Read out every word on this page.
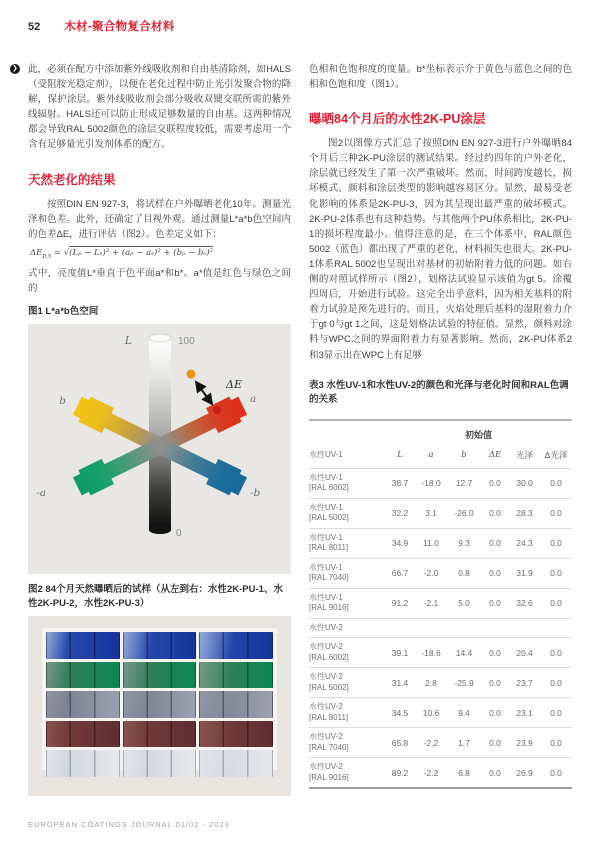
52 木材-聚合物复合材料

❯ 此，必须在配方中添加紫外线吸收剂和自由基清除剂，如HALS（受阻胺光稳定剂），以便在老化过程中防止光引发聚合物的降解，保护涂层。紫外线吸收剂会部分吸收双键交联所需的紫外线辐射。HALS还可以防止形成足够数量的自由基。这两种情况都会导致RAL 5002颜色的涂层交联程度较低，需要考虑用一个含有足够量光引发剂体系的配方。

天然老化的结果

按照DIN EN 927-3，将试样在户外曝晒老化10年。测量光泽和色差。此外，还确定了目视外观。通过测量L*a*b色空间内的色差ΔE，进行评估（图2）。色差定义如下：

$\Delta E_{p,s} = √(L_p - L_s)^2 + (a_p - a_s)^2 + (b_p - b_s)^2$

式中，亮度值L*垂直于色平面a*和b*。a*值是红色与绿色之间的

图1 L*a*b色空间
ΔE
L	100
0
b	a
-a	-b
图2 84个月天然曝晒后的试样（从左到右：水性2K-PU-1、水性2K-PU-2，水性2K-PU-3）

色相和色饱和度的度量。b*坐标表示介于黄色与蓝色之间的色相和色饱和度（图1）。

曝晒84个月后的水性2K-PU涂层

图2以图像方式汇总了按照DIN EN 927-3进行户外曝晒84个月后三种2K-PU涂层的测试结果。经过约四年的户外老化，涂层就已经发生了第一次严重破坏。然而，时间跨度越长，损坏模式、颜料和涂层类型的影响越容易区分。显然，最易受老化影响的体系是2K-PU-3，因为其呈现出最严重的破坏模式。2K-PU-2体系也有这种趋势。与其他两个PU体系相比，2K-PU-1的损坏程度最小。值得注意的是，在三个体系中，RAL颜色5002（蓝色）都出现了严重的老化，材料损失也很大。2K-PU-1体系RAL 5002也呈现出对基材的初始附着力低的问题。如右侧的对照试样所示（图2），划格法试验显示该值为gt 5。涂覆四周后，开始进行试验。这完全出乎意料，因为相关基料的附着力试验是预先进行的，而且，火焰处理后基料的湿附着力介于gt 0与gt 1之间，这是划格法试验的特征值。显然，颜料对涂料与WPC之间的界面附着力有显著影响。然而，2K-PU体系2和3显示出在WPC上有足够

表3 水性UV-1和水性UV-2的颜色和光泽与老化时间和RAL色调的关系
初始值
水性UV-1	L	a	b	ΔE	光泽	Δ光泽
水性UV-1
[RAL 6002]	38.7	-18.0	12.7	0.0	30.0	0.0
水性UV-1
[RAL 5002]	32.2	3.1	-26.0	0.0	28.3	0.0
水性UV-1
[RAL 8011]	34.9	11.0	9.3	0.0	24.3	0.0
水性UV-1
[RAL 7040]	66.7	-2.0	0.8	0.0	31.9	0.0
水性UV-1
[RAL 9016]	91.2	-2.1	5.0	0.0	32.6	0.0
水性UV-2
水性UV-2
[RAL 6002]	39.1	-18.6	14.4	0.0	20.4	0.0
水性UV-2
[RAL 5002]	31.4	2.8	-25.9	0.0	23.7	0.0
水性UV-2
[RAL 8011]	34.5	10.6	9.4	0.0	23.1	0.0
水性UV-2
[RAL 7040]	65.8	-2.2	1.7	0.0	23.9	0.0
水性UV-2
[RAL 9016]	89.2	-2.2	6.8	0.0	26.9	0.0
EUROPEAN COATINGS JOURNAL 01/02 - 2023
